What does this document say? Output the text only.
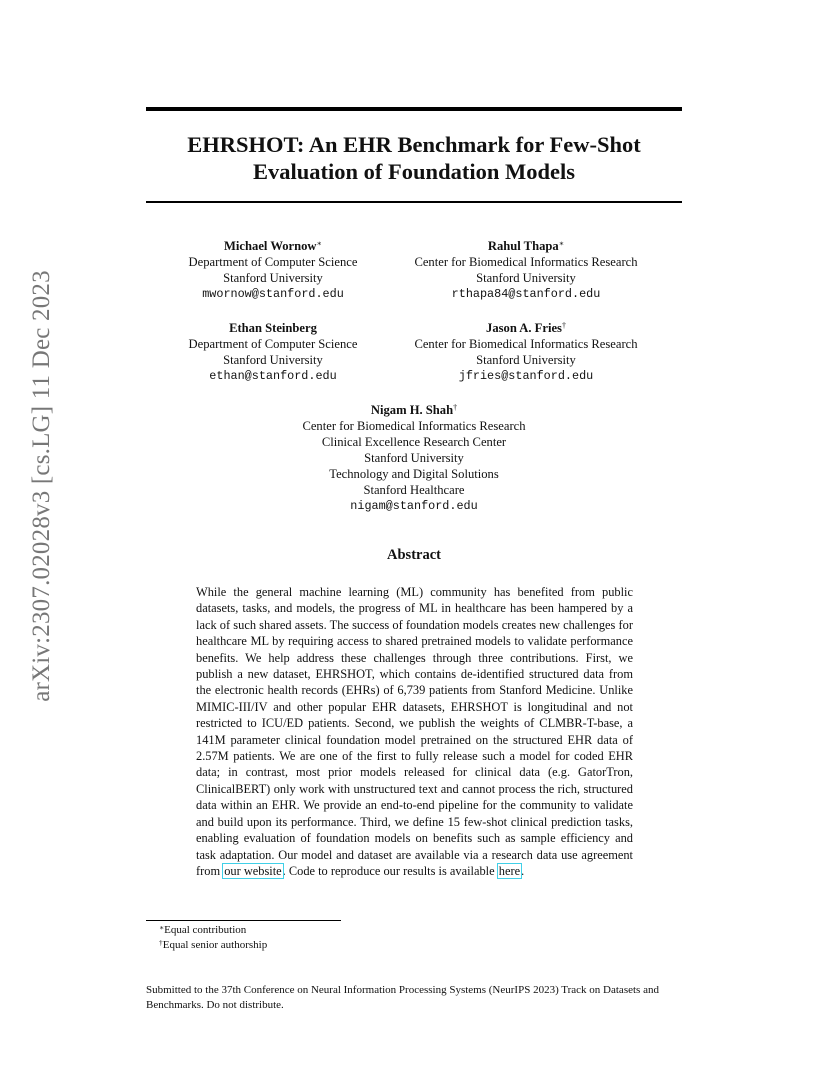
arXiv:2307.02028v3 [cs.LG] 11 Dec 2023
EHRSHOT: An EHR Benchmark for Few-Shot
Evaluation of Foundation Models
Michael Wornow∗
Department of Computer Science
Stanford University
mwornow@stanford.edu
Rahul Thapa∗
Center for Biomedical Informatics Research
Stanford University
rthapa84@stanford.edu
Ethan Steinberg
Department of Computer Science
Stanford University
ethan@stanford.edu
Jason A. Fries†
Center for Biomedical Informatics Research
Stanford University
jfries@stanford.edu
Nigam H. Shah†
Center for Biomedical Informatics Research
Clinical Excellence Research Center
Stanford University
Technology and Digital Solutions
Stanford Healthcare
nigam@stanford.edu
Abstract

While the general machine learning (ML) community has benefited from public datasets, tasks, and models, the progress of ML in healthcare has been hampered by a lack of such shared assets. The success of foundation models creates new challenges for healthcare ML by requiring access to shared pretrained models to validate performance benefits. We help address these challenges through three contributions. First, we publish a new dataset, EHRSHOT, which contains de-identified structured data from the electronic health records (EHRs) of 6,739 patients from Stanford Medicine. Unlike MIMIC-III/IV and other popular EHR datasets, EHRSHOT is longitudinal and not restricted to ICU/ED patients. Second, we publish the weights of CLMBR-T-base, a 141M parameter clinical foundation model pretrained on the structured EHR data of 2.57M patients. We are one of the first to fully release such a model for coded EHR data; in contrast, most prior models released for clinical data (e.g. GatorTron, ClinicalBERT) only work with unstructured text and cannot process the rich, structured data within an EHR. We provide an end-to-end pipeline for the community to validate and build upon its performance. Third, we define 15 few-shot clinical prediction tasks, enabling evaluation of foundation models on benefits such as sample efficiency and task adaptation. Our model and dataset are available via a research data use agreement from our website. Code to reproduce our results is available here.

∗Equal contribution
†Equal senior authorship

Submitted to the 37th Conference on Neural Information Processing Systems (NeurIPS 2023) Track on Datasets and Benchmarks. Do not distribute.
